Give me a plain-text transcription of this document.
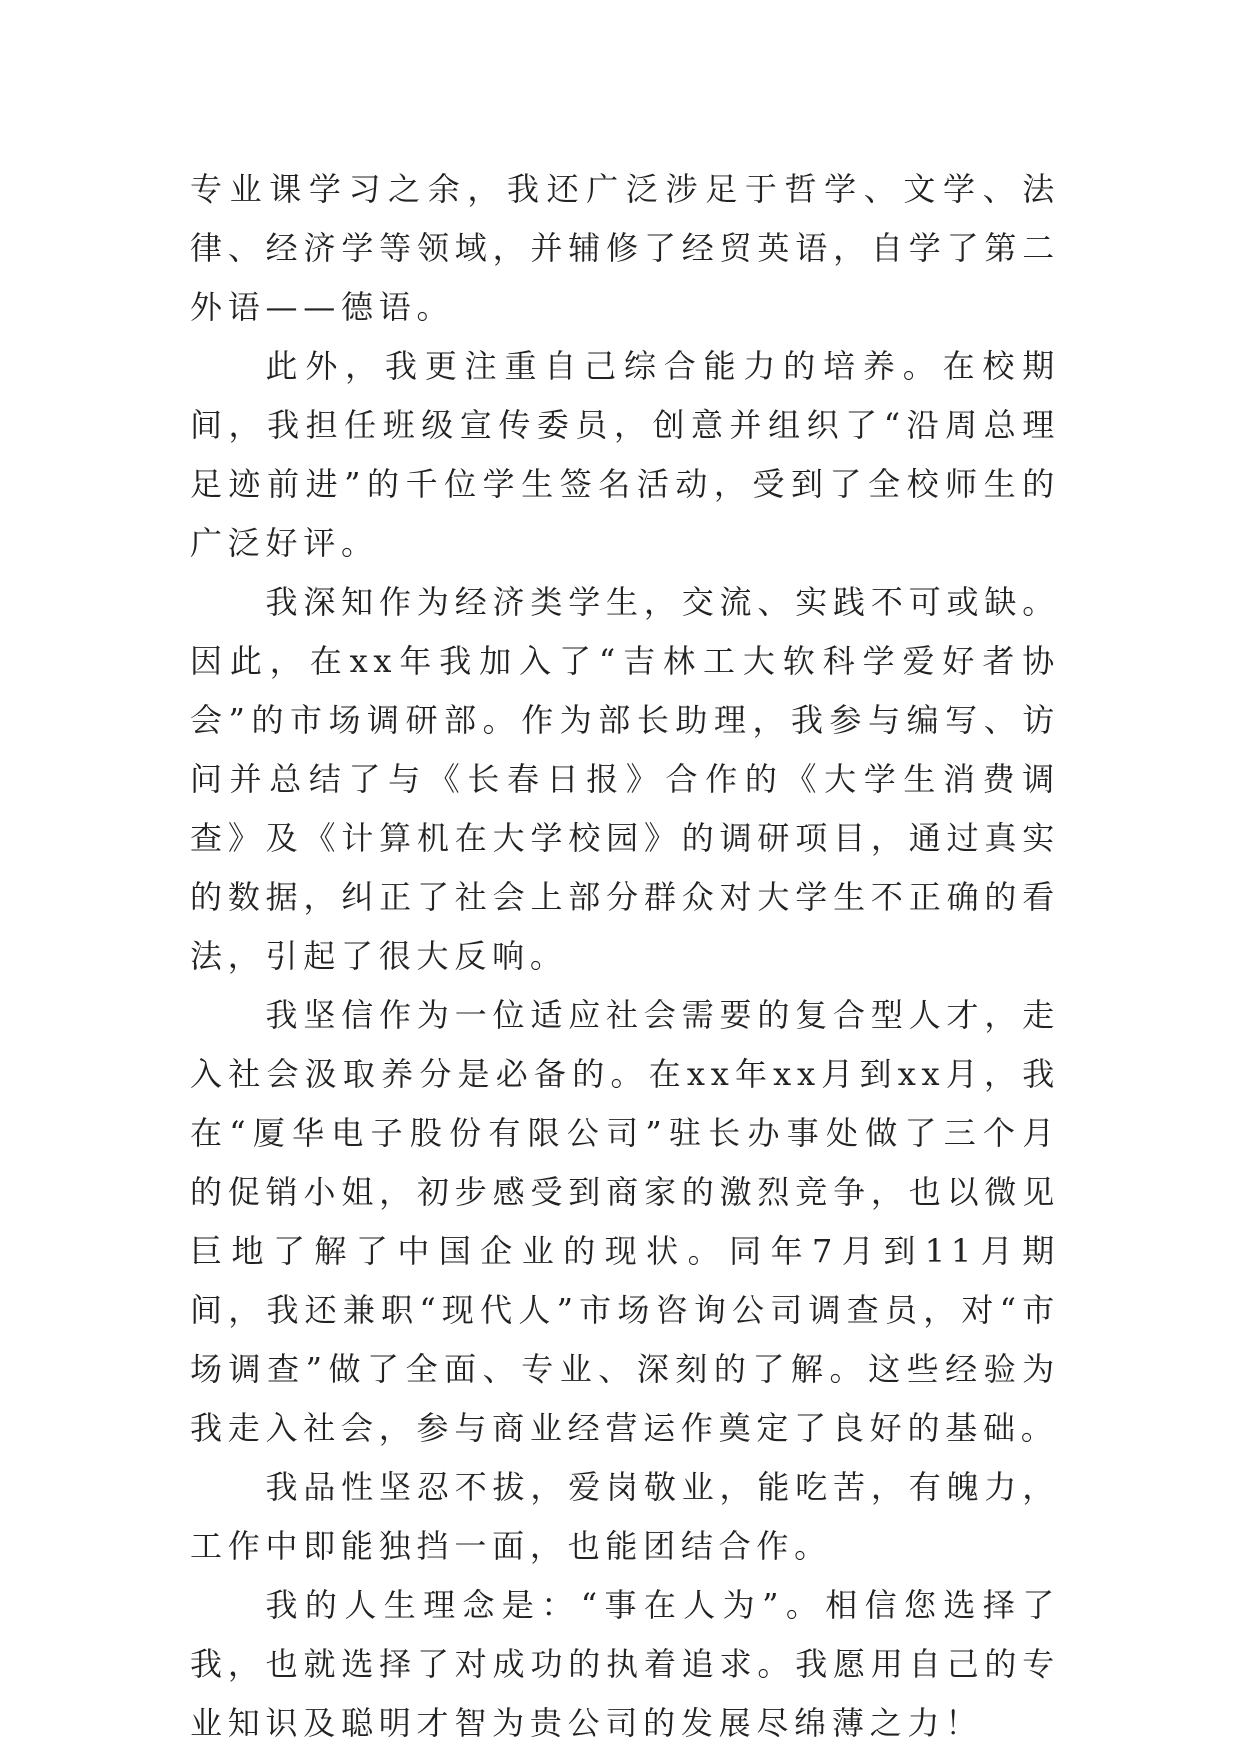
专业课学习之余，我还广泛涉足于哲学、文学、法律、经济学等领域，并辅修了经贸英语，自学了第二外语——德语。

此外，我更注重自己综合能力的培养。在校期间，我担任班级宣传委员，创意并组织了“沿周总理足迹前进”的千位学生签名活动，受到了全校师生的广泛好评。

我深知作为经济类学生，交流、实践不可或缺。因此，在xx年我加入了“吉林工大软科学爱好者协会”的市场调研部。作为部长助理，我参与编写、访问并总结了与《长春日报》合作的《大学生消费调查》及《计算机在大学校园》的调研项目，通过真实的数据，纠正了社会上部分群众对大学生不正确的看法，引起了很大反响。

我坚信作为一位适应社会需要的复合型人才，走入社会汲取养分是必备的。在xx年xx月到xx月，我在“厦华电子股份有限公司”驻长办事处做了三个月的促销小姐，初步感受到商家的激烈竞争，也以微见巨地了解了中国企业的现状。同年7月到11月期间，我还兼职“现代人”市场咨询公司调查员，对“市场调查”做了全面、专业、深刻的了解。这些经验为我走入社会，参与商业经营运作奠定了良好的基础。

我品性坚忍不拔，爱岗敬业，能吃苦，有魄力，工作中即能独挡一面，也能团结合作。

我的人生理念是：“事在人为”。相信您选择了我，也就选择了对成功的执着追求。我愿用自己的专业知识及聪明才智为贵公司的发展尽绵薄之力！
